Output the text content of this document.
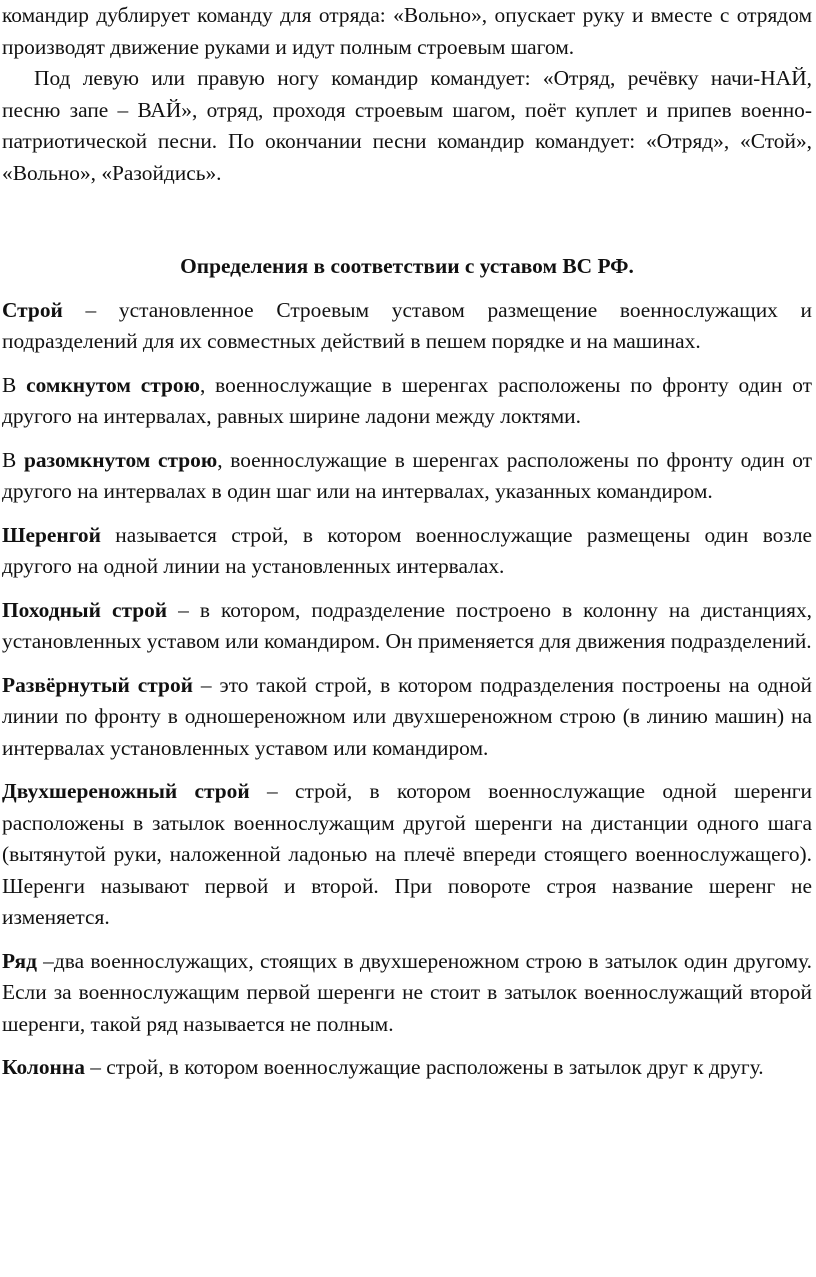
командир дублирует команду для отряда: «Вольно», опускает руку и вместе с отрядом производят движение руками и идут полным строевым шагом.

Под левую или правую ногу командир командует: «Отряд, речёвку начи-НАЙ, песню запе – ВАЙ», отряд, проходя строевым шагом, поёт куплет и припев военно-патриотической песни. По окончании песни командир командует: «Отряд», «Стой», «Вольно», «Разойдись».

Определения в соответствии с уставом ВС РФ.

Строй – установленное Строевым уставом размещение военнослужащих и подразделений для их совместных действий в пешем порядке и на машинах.

В сомкнутом строю, военнослужащие в шеренгах расположены по фронту один от другого на интервалах, равных ширине ладони между локтями.

В разомкнутом строю, военнослужащие в шеренгах расположены по фронту один от другого на интервалах в один шаг или на интервалах, указанных командиром.

Шеренгой называется строй, в котором военнослужащие размещены один возле другого на одной линии на установленных интервалах.

Походный строй – в котором, подразделение построено в колонну на дистанциях, установленных уставом или командиром. Он применяется для движения подразделений.

Развёрнутый строй – это такой строй, в котором подразделения построены на одной линии по фронту в одношереножном или двухшереножном строю (в линию машин) на интервалах установленных уставом или командиром.

Двухшереножный строй – строй, в котором военнослужащие одной шеренги расположены в затылок военнослужащим другой шеренги на дистанции одного шага (вытянутой руки, наложенной ладонью на плечё впереди стоящего военнослужащего). Шеренги называют первой и второй. При повороте строя название шеренг не изменяется.

Ряд –два военнослужащих, стоящих в двухшереножном строю в затылок один другому. Если за военнослужащим первой шеренги не стоит в затылок военнослужащий второй шеренги, такой ряд называется не полным.

Колонна – строй, в котором военнослужащие расположены в затылок друг к другу.
